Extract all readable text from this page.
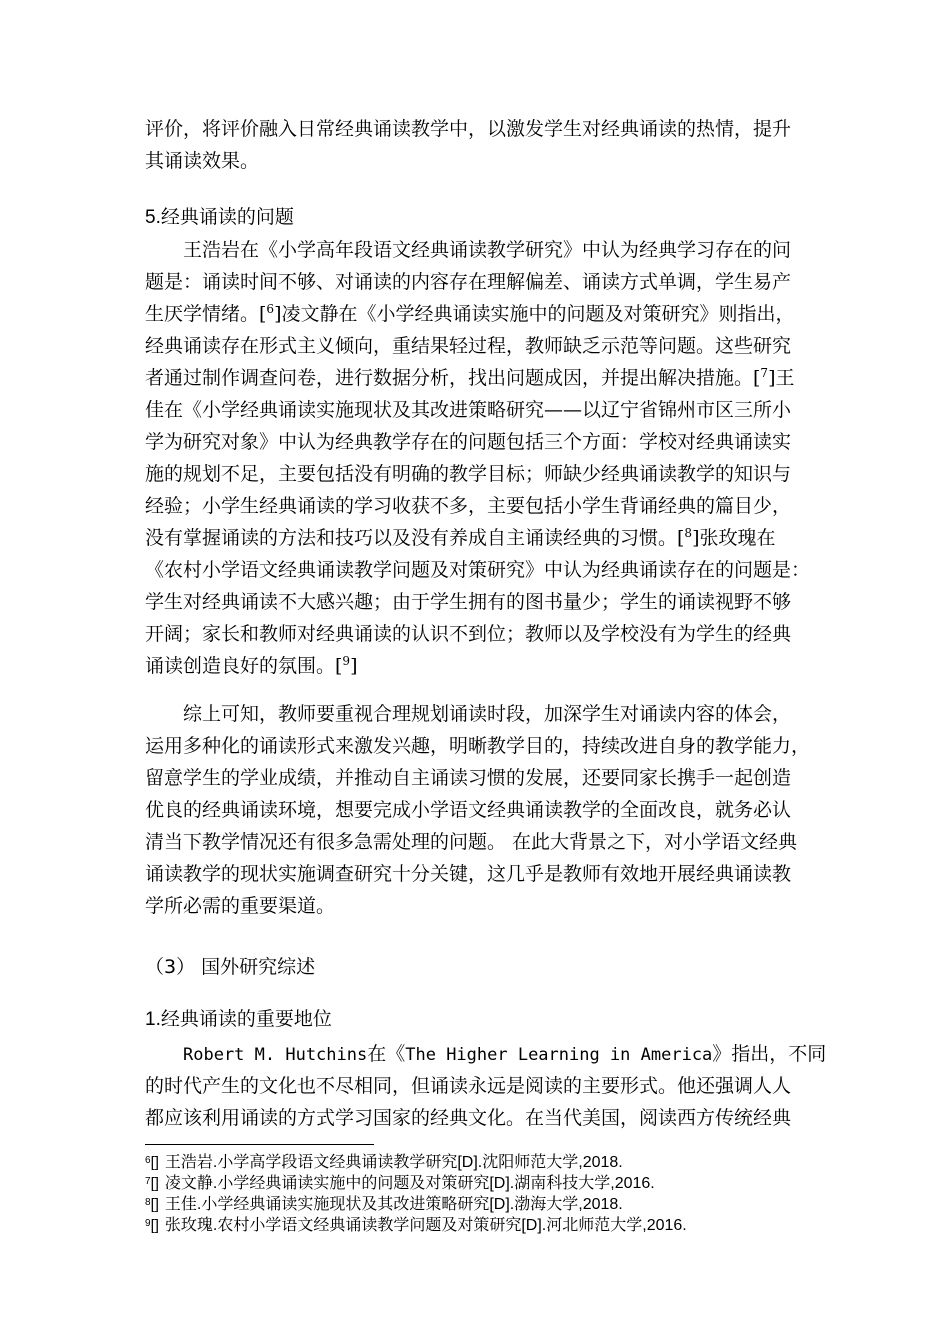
评价，将评价融入日常经典诵读教学中，以激发学生对经典诵读的热情，提升
其诵读效果。
5.经典诵读的问题
王浩岩在《小学高年段语文经典诵读教学研究》中认为经典学习存在的问
题是：诵读时间不够、对诵读的内容存在理解偏差、诵读方式单调，学生易产
生厌学情绪。[$^6$]凌文静在《小学经典诵读实施中的问题及对策研究》则指出，
经典诵读存在形式主义倾向，重结果轻过程，教师缺乏示范等问题。这些研究
者通过制作调查问卷，进行数据分析，找出问题成因，并提出解决措施。[$^7$]王
佳在《小学经典诵读实施现状及其改进策略研究——以辽宁省锦州市区三所小
学为研究对象》中认为经典教学存在的问题包括三个方面：学校对经典诵读实
施的规划不足，主要包括没有明确的教学目标；师缺少经典诵读教学的知识与
经验；小学生经典诵读的学习收获不多，主要包括小学生背诵经典的篇目少，
没有掌握诵读的方法和技巧以及没有养成自主诵读经典的习惯。[$^8$]张玫瑰在
《农村小学语文经典诵读教学问题及对策研究》中认为经典诵读存在的问题是：
学生对经典诵读不大感兴趣；由于学生拥有的图书量少；学生的诵读视野不够
开阔；家长和教师对经典诵读的认识不到位；教师以及学校没有为学生的经典
诵读创造良好的氛围。[$^9$]
综上可知，教师要重视合理规划诵读时段，加深学生对诵读内容的体会，
运用多种化的诵读形式来激发兴趣，明晰教学目的，持续改进自身的教学能力，
留意学生的学业成绩，并推动自主诵读习惯的发展，还要同家长携手一起创造
优良的经典诵读环境，想要完成小学语文经典诵读教学的全面改良，就务必认
清当下教学情况还有很多急需处理的问题。 在此大背景之下，对小学语文经典
诵读教学的现状实施调查研究十分关键，这几乎是教师有效地开展经典诵读教
学所必需的重要渠道。
（3） 国外研究综述
1.经典诵读的重要地位
Robert M. Hutchins在《The Higher Learning in America》指出，不同
的时代产生的文化也不尽相同，但诵读永远是阅读的主要形式。他还强调人人
都应该利用诵读的方式学习国家的经典文化。在当代美国，阅读西方传统经典
$^6$[] 王浩岩.小学高学段语文经典诵读教学研究[D].沈阳师范大学,2018.
$^7$[] 凌文静.小学经典诵读实施中的问题及对策研究[D].湖南科技大学,2016.
$^8$[] 王佳.小学经典诵读实施现状及其改进策略研究[D].渤海大学,2018.
$^9$[] 张玫瑰.农村小学语文经典诵读教学问题及对策研究[D].河北师范大学,2016.
